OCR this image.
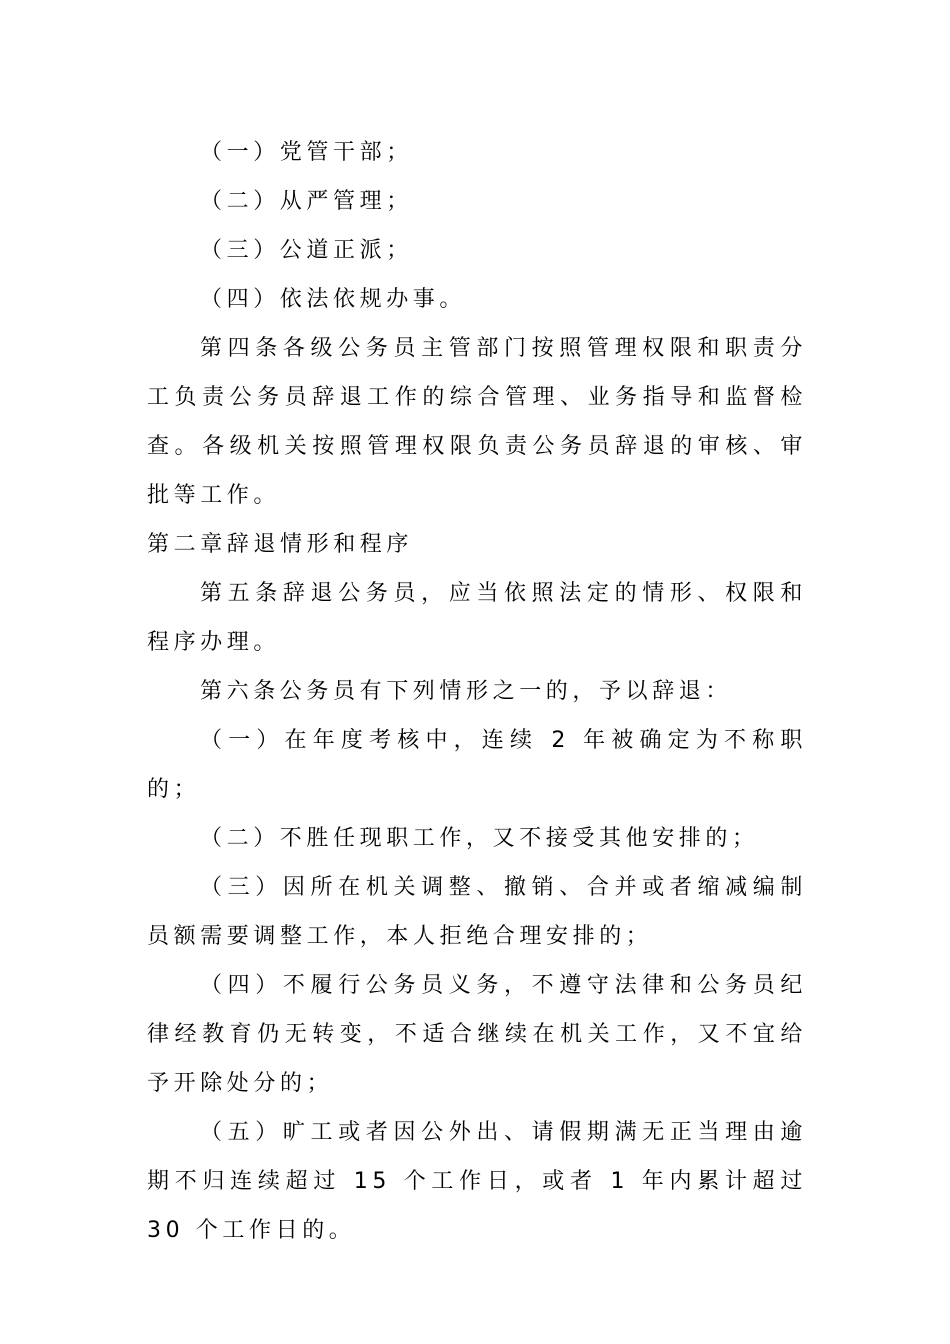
（一）党管干部；

（二）从严管理；

（三）公道正派；

（四）依法依规办事。

第四条各级公务员主管部门按照管理权限和职责分工负责公务员辞退工作的综合管理、业务指导和监督检查。各级机关按照管理权限负责公务员辞退的审核、审批等工作。

第二章辞退情形和程序

第五条辞退公务员，应当依照法定的情形、权限和程序办理。

第六条公务员有下列情形之一的，予以辞退：

（一）在年度考核中，连续 2 年被确定为不称职的；

（二）不胜任现职工作，又不接受其他安排的；

（三）因所在机关调整、撤销、合并或者缩减编制员额需要调整工作，本人拒绝合理安排的；

（四）不履行公务员义务，不遵守法律和公务员纪律经教育仍无转变，不适合继续在机关工作，又不宜给予开除处分的；

（五）旷工或者因公外出、请假期满无正当理由逾期不归连续超过 15 个工作日，或者 1 年内累计超过 30 个工作日的。
